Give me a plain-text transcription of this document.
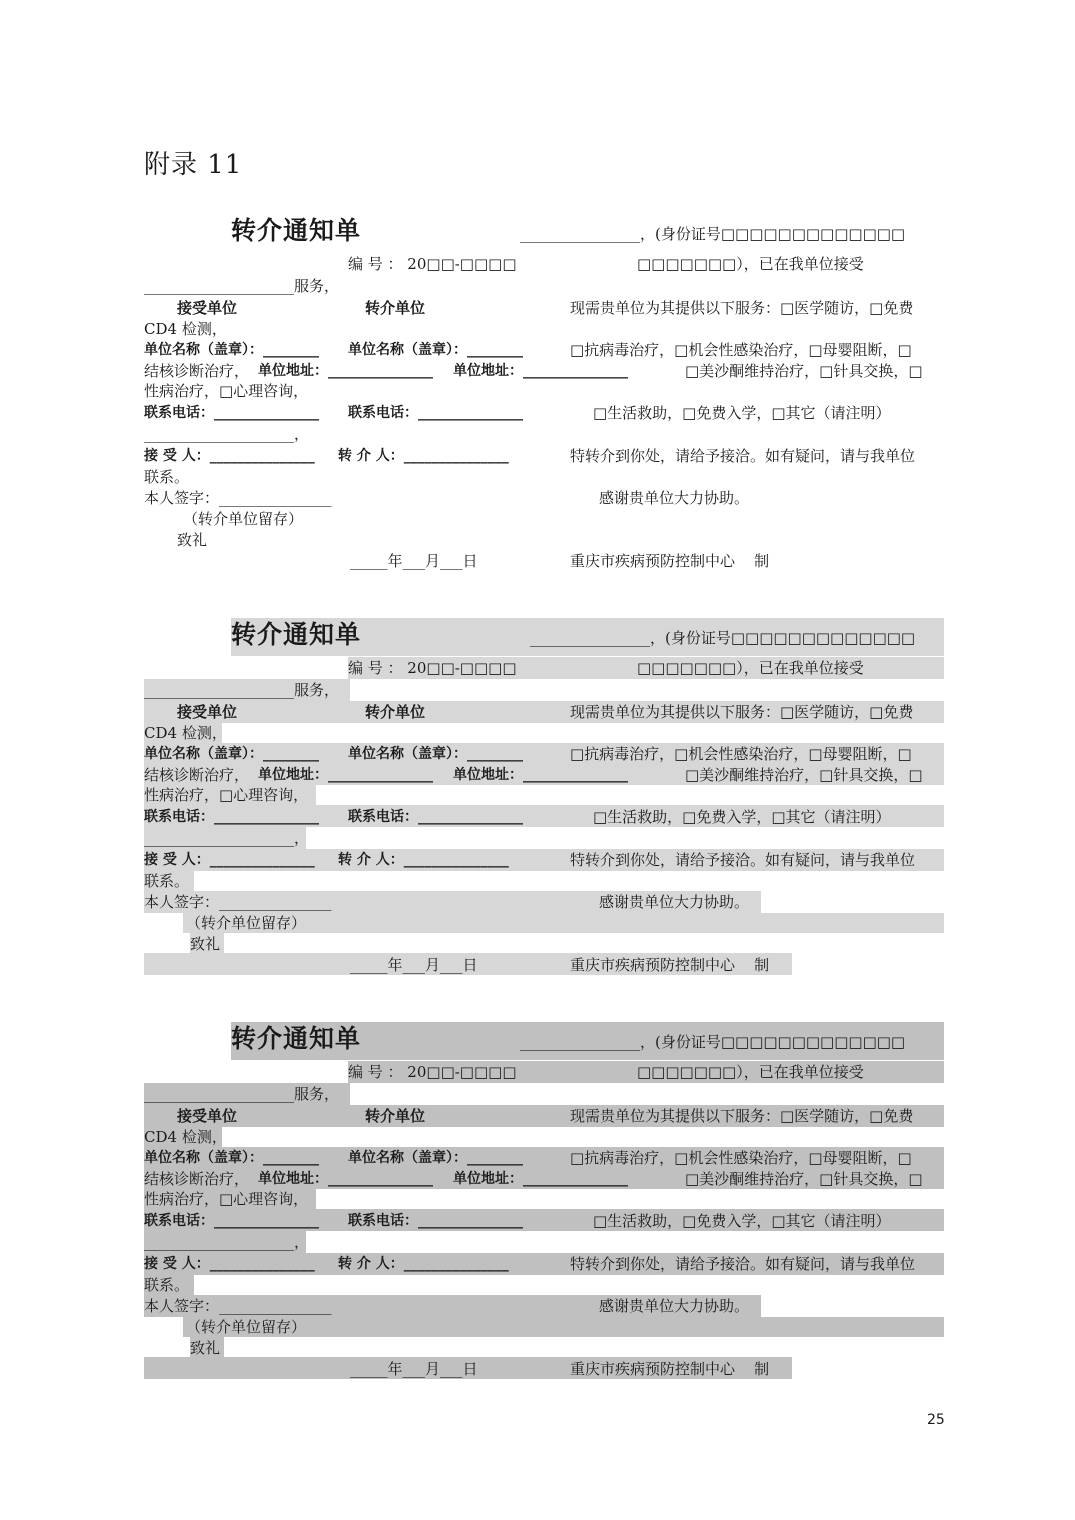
附录 11
转介通知单	________________，(身份证号□□□□□□□□□□□□□
编 号 ： 20□□-□□□□	□□□□□□□），已在我单位接受
____________________服务，
接受单位	转介单位	现需贵单位为其提供以下服务：□医学随访，□免费
CD4 检测，
单位名称（盖章）：________ 单位名称（盖章）：________	□抗病毒治疗，□机会性感染治疗，□母婴阻断，□
结核诊断治疗， 单位地址：_______________ 单位地址：_______________	□美沙酮维持治疗，□针具交换，□
性病治疗，□心理咨询，
联系电话：_______________ 联系电话：_______________	□生活救助，□免费入学，□其它（请注明）
____________________，
接 受 人：_______________ 转 介 人：_______________	特转介到你处，请给予接洽。如有疑问，请与我单位
联系。
本人签字：_______________	感谢贵单位大力协助。
（转介单位留存）
致礼
_____年___月___日	重庆市疾病预防控制中心    制
转介通知单	________________，(身份证号□□□□□□□□□□□□□
编 号 ： 20□□-□□□□	□□□□□□□），已在我单位接受
____________________服务，
接受单位	转介单位	现需贵单位为其提供以下服务：□医学随访，□免费
CD4 检测，
单位名称（盖章）：________ 单位名称（盖章）：________	□抗病毒治疗，□机会性感染治疗，□母婴阻断，□
结核诊断治疗， 单位地址：_______________ 单位地址：_______________	□美沙酮维持治疗，□针具交换，□
性病治疗，□心理咨询，
联系电话：_______________ 联系电话：_______________	□生活救助，□免费入学，□其它（请注明）
____________________，
接 受 人：_______________ 转 介 人：_______________	特转介到你处，请给予接洽。如有疑问，请与我单位
联系。
本人签字：_______________	感谢贵单位大力协助。
（转介单位留存）
致礼
_____年___月___日	重庆市疾病预防控制中心    制
转介通知单	________________，(身份证号□□□□□□□□□□□□□
编 号 ： 20□□-□□□□	□□□□□□□），已在我单位接受
____________________服务，
接受单位	转介单位	现需贵单位为其提供以下服务：□医学随访，□免费
CD4 检测，
单位名称（盖章）：________ 单位名称（盖章）：________	□抗病毒治疗，□机会性感染治疗，□母婴阻断，□
结核诊断治疗， 单位地址：_______________ 单位地址：_______________	□美沙酮维持治疗，□针具交换，□
性病治疗，□心理咨询，
联系电话：_______________ 联系电话：_______________	□生活救助，□免费入学，□其它（请注明）
____________________，
接 受 人：_______________ 转 介 人：_______________	特转介到你处，请给予接洽。如有疑问，请与我单位
联系。
本人签字：_______________	感谢贵单位大力协助。
（转介单位留存）
致礼
_____年___月___日	重庆市疾病预防控制中心    制
25
